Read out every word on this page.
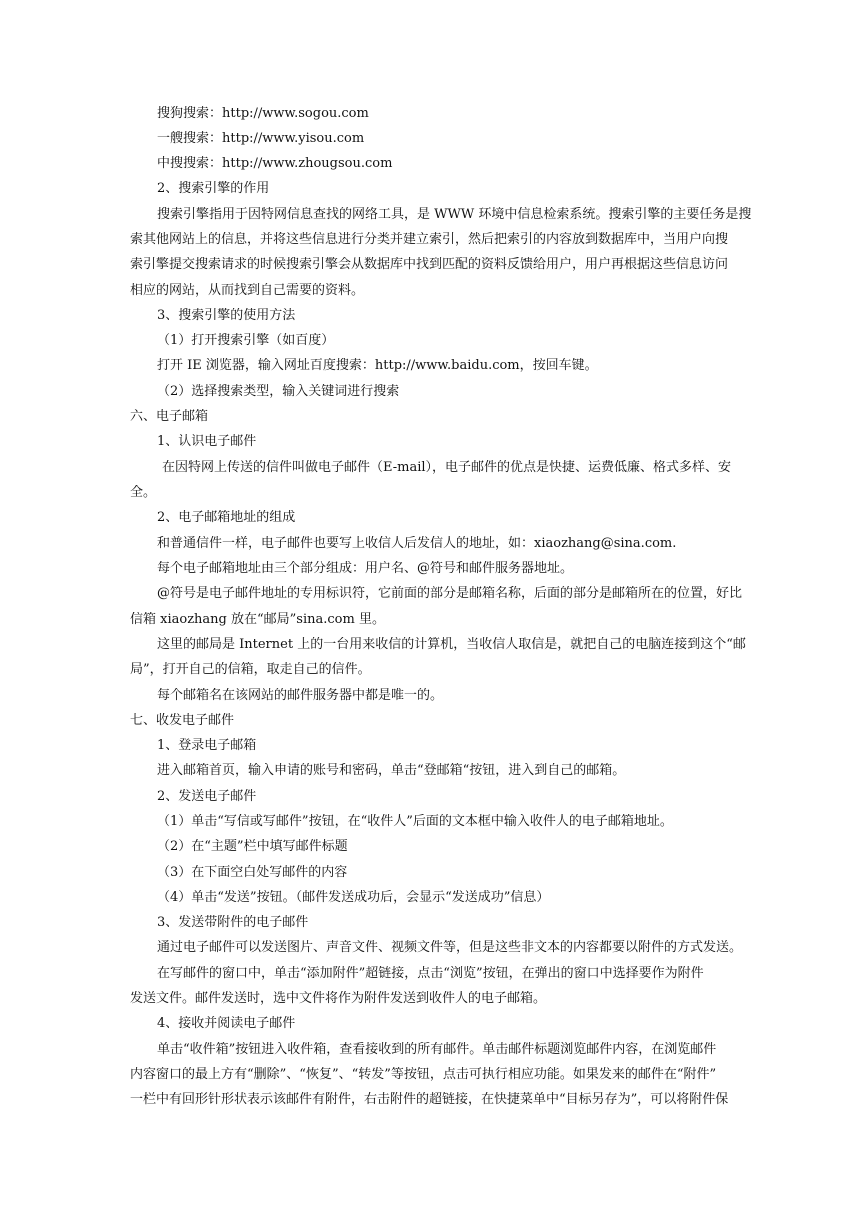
搜狗搜索：http://www.sogou.com
一艘搜索：http://www.yisou.com
中搜搜索：http://www.zhougsou.com
2、搜索引擎的作用
搜索引擎指用于因特网信息查找的网络工具，是 WWW 环境中信息检索系统。搜索引擎的主要任务是搜
索其他网站上的信息，并将这些信息进行分类并建立索引，然后把索引的内容放到数据库中，当用户向搜
索引擎提交搜索请求的时候搜索引擎会从数据库中找到匹配的资料反馈给用户，用户再根据这些信息访问
相应的网站，从而找到自己需要的资料。
3、搜索引擎的使用方法
（1）打开搜索引擎（如百度）
打开 IE 浏览器，输入网址百度搜索：http://www.baidu.com，按回车键。
（2）选择搜索类型，输入关键词进行搜索
六、电子邮箱
1、认识电子邮件
在因特网上传送的信件叫做电子邮件（E-mail），电子邮件的优点是快捷、运费低廉、格式多样、安
全。
2、电子邮箱地址的组成
和普通信件一样，电子邮件也要写上收信人后发信人的地址，如：xiaozhang@sina.com.
每个电子邮箱地址由三个部分组成：用户名、@符号和邮件服务器地址。
@符号是电子邮件地址的专用标识符，它前面的部分是邮箱名称，后面的部分是邮箱所在的位置，好比
信箱 xiaozhang 放在“邮局”sina.com 里。
这里的邮局是 Internet 上的一台用来收信的计算机，当收信人取信是，就把自己的电脑连接到这个“邮
局”，打开自己的信箱，取走自己的信件。
每个邮箱名在该网站的邮件服务器中都是唯一的。
七、收发电子邮件
1、登录电子邮箱
进入邮箱首页，输入申请的账号和密码，单击“登邮箱“按钮，进入到自己的邮箱。
2、发送电子邮件
（1）单击“写信或写邮件”按钮，在“收件人”后面的文本框中输入收件人的电子邮箱地址。
（2）在“主题”栏中填写邮件标题
（3）在下面空白处写邮件的内容
（4）单击“发送”按钮。（邮件发送成功后，会显示“发送成功”信息）
3、发送带附件的电子邮件
通过电子邮件可以发送图片、声音文件、视频文件等，但是这些非文本的内容都要以附件的方式发送。
在写邮件的窗口中，单击“添加附件”超链接，点击“浏览”按钮，在弹出的窗口中选择要作为附件
发送文件。邮件发送时，选中文件将作为附件发送到收件人的电子邮箱。
4、接收并阅读电子邮件
单击“收件箱”按钮进入收件箱，查看接收到的所有邮件。单击邮件标题浏览邮件内容，在浏览邮件
内容窗口的最上方有“删除”、“恢复”、“转发”等按钮，点击可执行相应功能。如果发来的邮件在“附件”
一栏中有回形针形状表示该邮件有附件，右击附件的超链接，在快捷菜单中“目标另存为”，可以将附件保
